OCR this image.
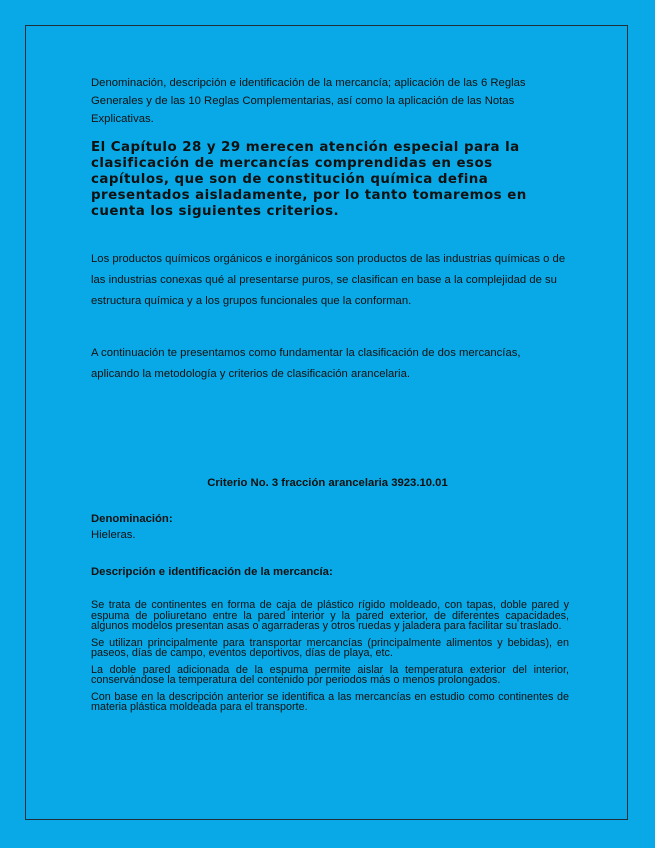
Denominación, descripción e identificación de la mercancía; aplicación de las 6 Reglas Generales y de las 10 Reglas Complementarias, así como la aplicación de las Notas Explicativas.

El Capítulo 28 y 29 merecen atención especial para la clasificación de mercancías comprendidas en esos capítulos, que son de constitución química defina presentados aisladamente, por lo tanto tomaremos en cuenta los siguientes criterios.

Los productos químicos orgánicos e inorgánicos son productos de las industrias químicas o de las industrias conexas qué al presentarse puros, se clasifican en base a la complejidad de su estructura química y a los grupos funcionales que la conforman.

A continuación te presentamos como fundamentar la clasificación de dos mercancías, aplicando la metodología y criterios de clasificación arancelaria.

Criterio No. 3 fracción arancelaria 3923.10.01
Denominación:
Hieleras.
Descripción e identificación de la mercancía:

Se trata de continentes en forma de caja de plástico rígido moldeado, con tapas, doble pared y espuma de poliuretano entre la pared interior y la pared exterior, de diferentes capacidades, algunos modelos presentan asas o agarraderas y otros ruedas y jaladera para facilitar su traslado.

Se utilizan principalmente para transportar mercancías (principalmente alimentos y bebidas), en paseos, días de campo, eventos deportivos, días de playa, etc.

La doble pared adicionada de la espuma permite aislar la temperatura exterior del interior, conservándose la temperatura del contenido por periodos más o menos prolongados.

Con base en la descripción anterior se identifica a las mercancías en estudio como continentes de materia plástica moldeada para el transporte.
